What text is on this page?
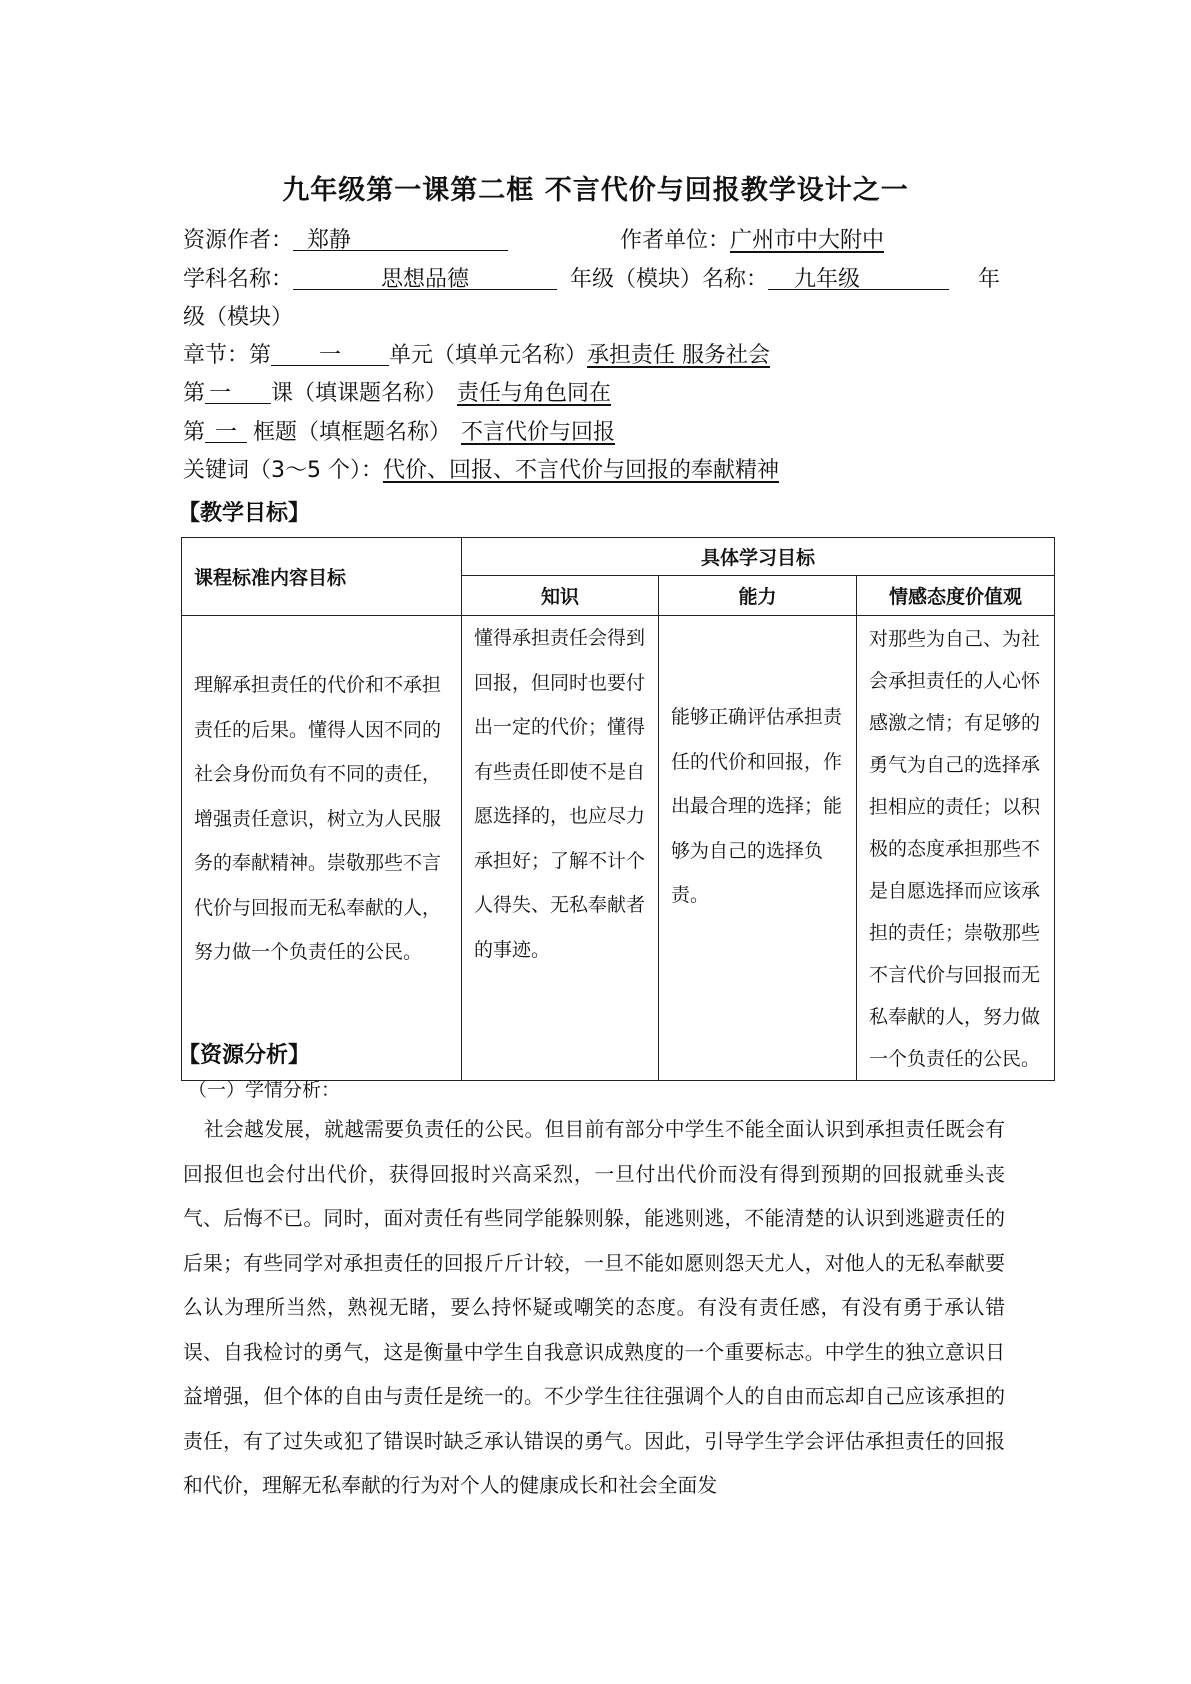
九年级第一课第二框 不言代价与回报教学设计之一
资源作者： 郑静	作者单位：广州市中大附中
学科名称：	思想品德	年级（模块）名称： 九年级	年
级（模块）
章节：第 一 单元（填单元名称）承担责任 服务社会
第 一 课（填课题名称） 责任与角色同在
第 一 框题（填框题名称） 不言代价与回报
关键词（3～5 个）：代价、回报、不言代价与回报的奉献精神
【教学目标】
课程标准内容目标	具体学习目标		
	知识	能力	情感态度价值观

理解承担责任的代价和不承担责任的后果。懂得人因不同的社会身份而负有不同的责任，增强责任意识，树立为人民服务的奉献精神。崇敬那些不言代价与回报而无私奉献的人，努力做一个负责任的公民。	懂得承担责任会得到回报，但同时也要付出一定的代价；懂得有些责任即使不是自愿选择的，也应尽力承担好；了解不计个人得失、无私奉献者的事迹。	能够正确评估承担责任的代价和回报，作出最合理的选择；能够为自己的选择负责。	对那些为自己、为社会承担责任的人心怀感激之情；有足够的勇气为自己的选择承担相应的责任；以积极的态度承担那些不是自愿选择而应该承担的责任；崇敬那些不言代价与回报而无私奉献的人，努力做一个负责任的公民。
【资源分析】
（一）学情分析：

社会越发展，就越需要负责任的公民。但目前有部分中学生不能全面认识到承担责任既会有回报但也会付出代价，获得回报时兴高采烈，一旦付出代价而没有得到预期的回报就垂头丧气、后悔不已。同时，面对责任有些同学能躲则躲，能逃则逃，不能清楚的认识到逃避责任的后果；有些同学对承担责任的回报斤斤计较，一旦不能如愿则怨天尤人，对他人的无私奉献要么认为理所当然，熟视无睹，要么持怀疑或嘲笑的态度。有没有责任感，有没有勇于承认错误、自我检讨的勇气，这是衡量中学生自我意识成熟度的一个重要标志。中学生的独立意识日益增强，但个体的自由与责任是统一的。不少学生往往强调个人的自由而忘却自己应该承担的责任，有了过失或犯了错误时缺乏承认错误的勇气。因此，引导学生学会评估承担责任的回报和代价，理解无私奉献的行为对个人的健康成长和社会全面发
